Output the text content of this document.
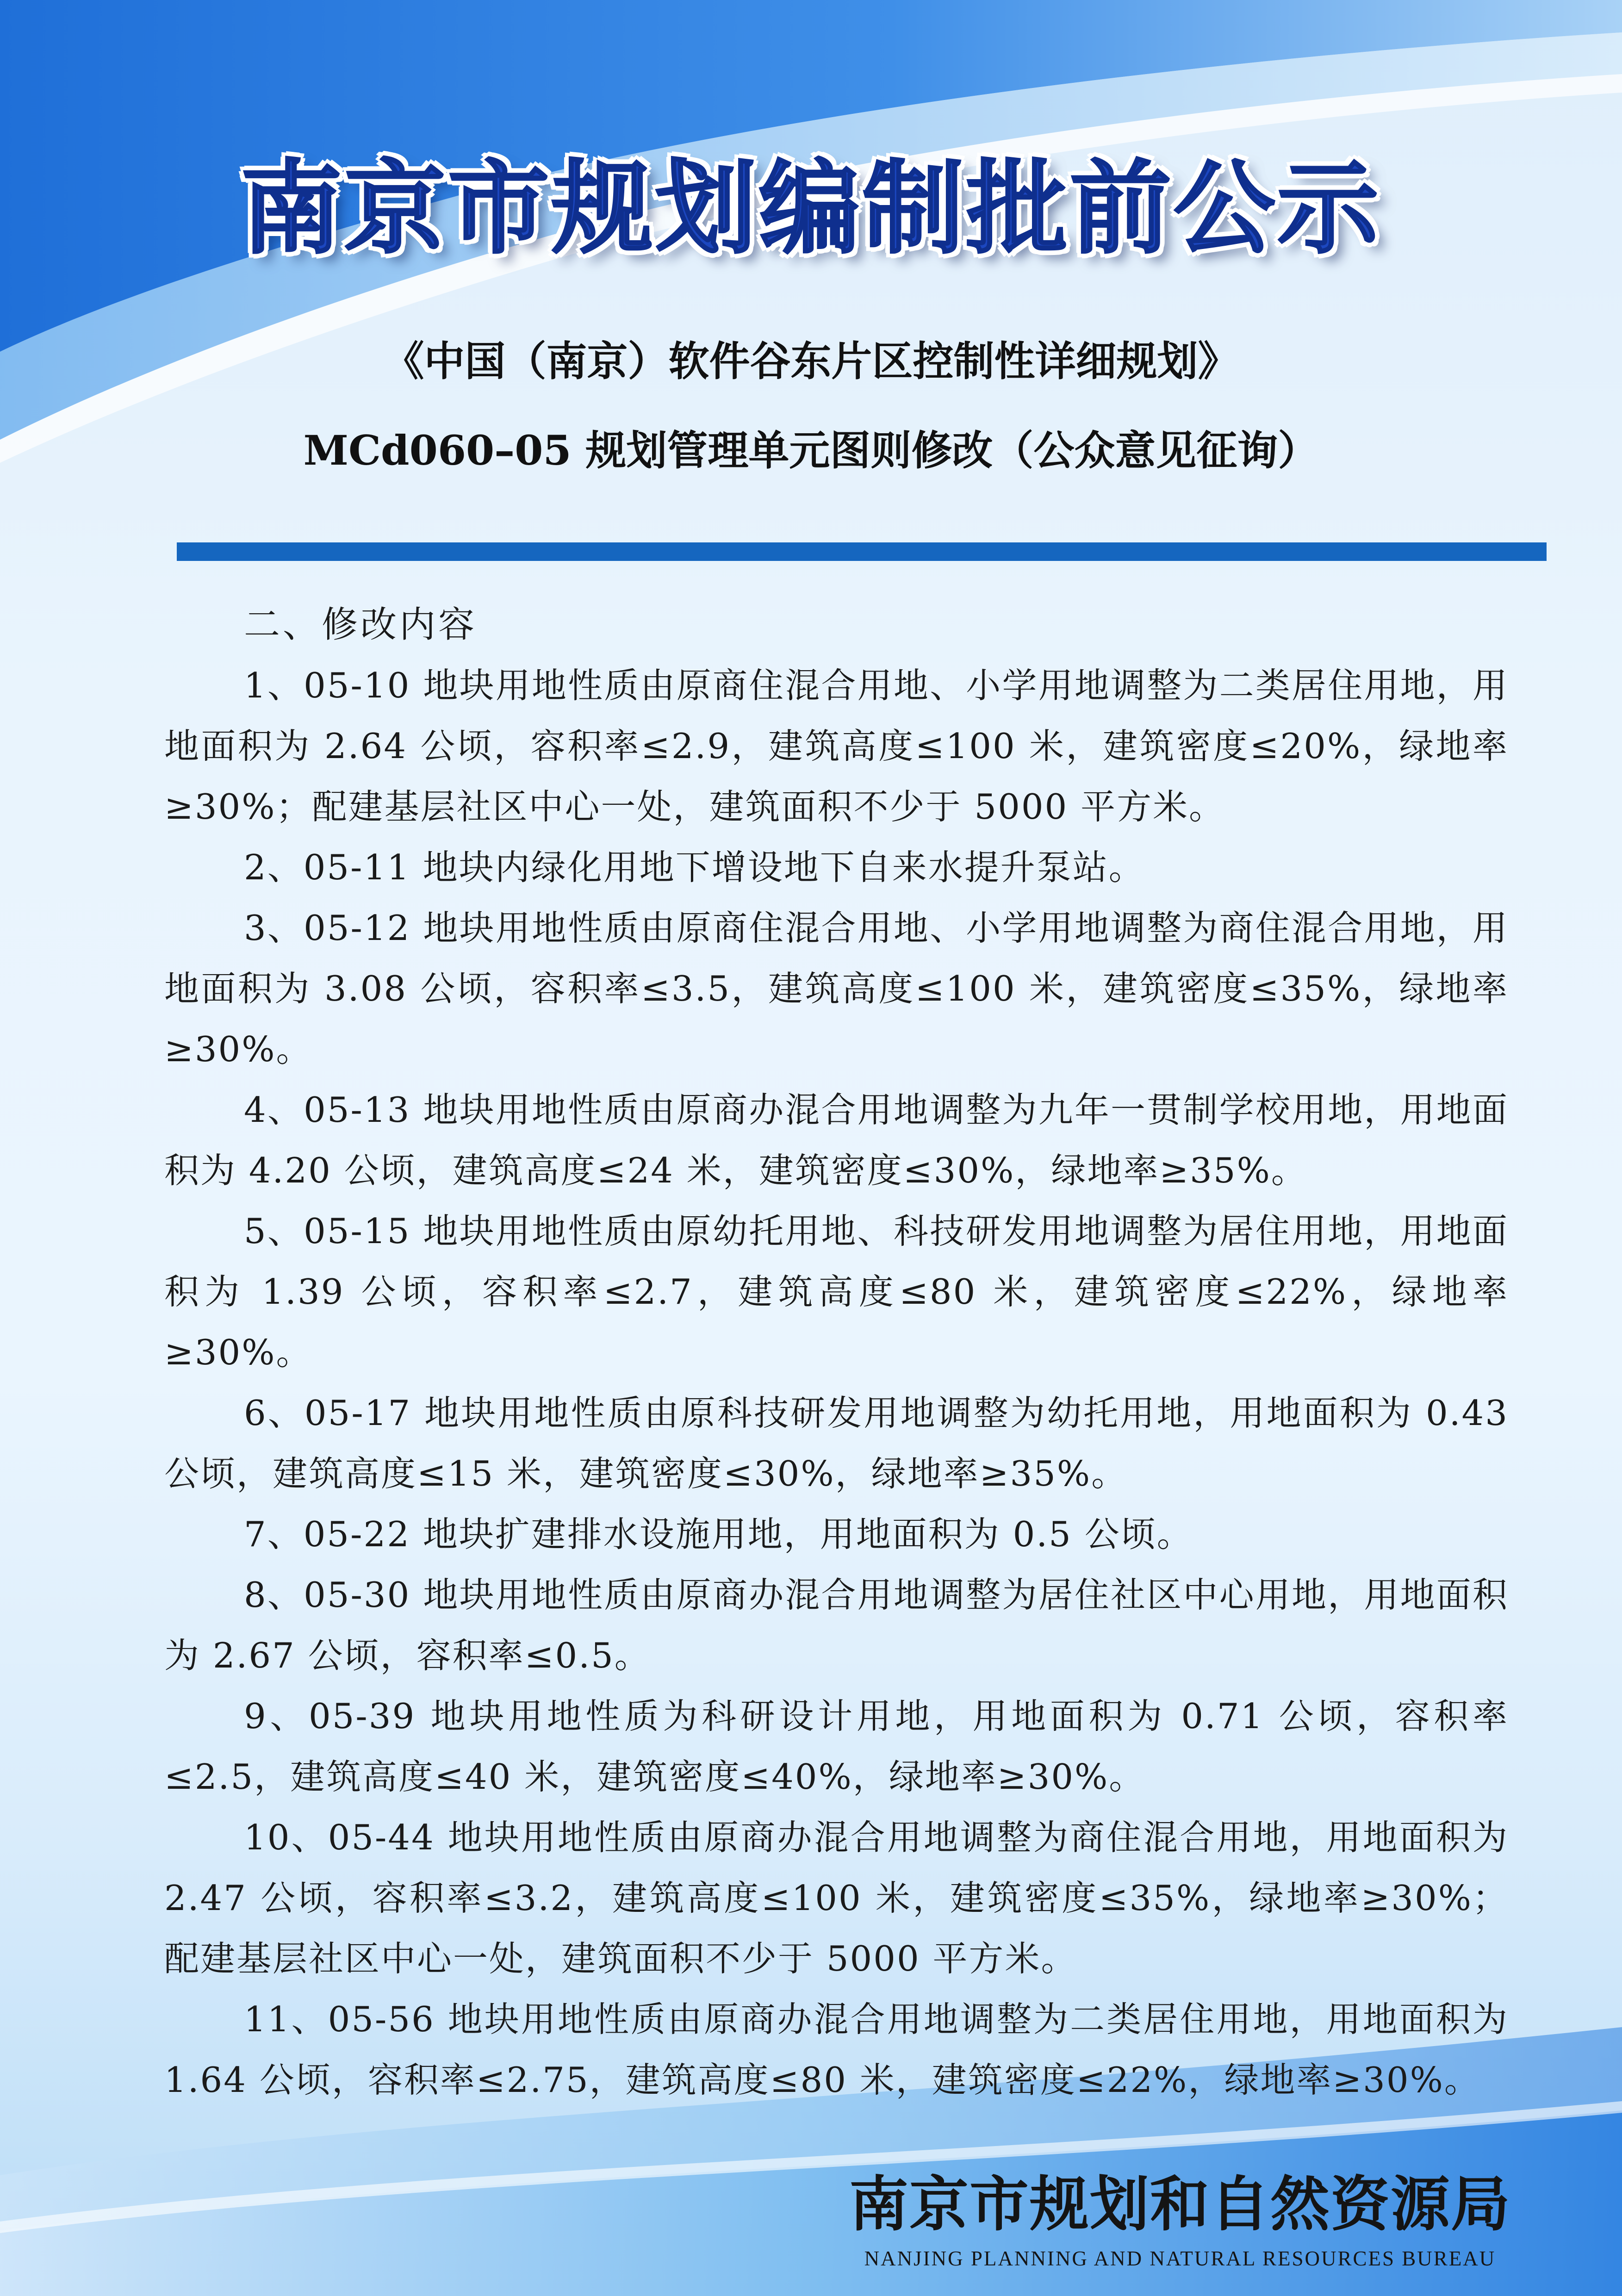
南京市规划编制批前公示

《中国（南京）软件谷东片区控制性详细规划》

MCd060–05 规划管理单元图则修改（公众意见征询）

二、修改内容

1、05-10 地块用地性质由原商住混合用地、小学用地调整为二类居住用地，用地面积为 2.64 公顷，容积率≤2.9，建筑高度≤100 米，建筑密度≤20%，绿地率≥30%；配建基层社区中心一处，建筑面积不少于 5000 平方米。

2、05-11 地块内绿化用地下增设地下自来水提升泵站。

3、05-12 地块用地性质由原商住混合用地、小学用地调整为商住混合用地，用地面积为 3.08 公顷，容积率≤3.5，建筑高度≤100 米，建筑密度≤35%，绿地率≥30%。

4、05-13 地块用地性质由原商办混合用地调整为九年一贯制学校用地，用地面积为 4.20 公顷，建筑高度≤24 米，建筑密度≤30%，绿地率≥35%。

5、05-15 地块用地性质由原幼托用地、科技研发用地调整为居住用地，用地面积为 1.39 公顷，容积率≤2.7，建筑高度≤80 米，建筑密度≤22%，绿地率≥30%。

6、05-17 地块用地性质由原科技研发用地调整为幼托用地，用地面积为 0.43 公顷，建筑高度≤15 米，建筑密度≤30%，绿地率≥35%。

7、05-22 地块扩建排水设施用地，用地面积为 0.5 公顷。

8、05-30 地块用地性质由原商办混合用地调整为居住社区中心用地，用地面积为 2.67 公顷，容积率≤0.5。

9、05-39 地块用地性质为科研设计用地，用地面积为 0.71 公顷，容积率≤2.5，建筑高度≤40 米，建筑密度≤40%，绿地率≥30%。

10、05-44 地块用地性质由原商办混合用地调整为商住混合用地，用地面积为 2.47 公顷，容积率≤3.2，建筑高度≤100 米，建筑密度≤35%，绿地率≥30%；配建基层社区中心一处，建筑面积不少于 5000 平方米。

11、05-56 地块用地性质由原商办混合用地调整为二类居住用地，用地面积为 1.64 公顷，容积率≤2.75，建筑高度≤80 米，建筑密度≤22%，绿地率≥30%。

南京市规划和自然资源局

NANJING PLANNING AND NATURAL RESOURCES BUREAU
